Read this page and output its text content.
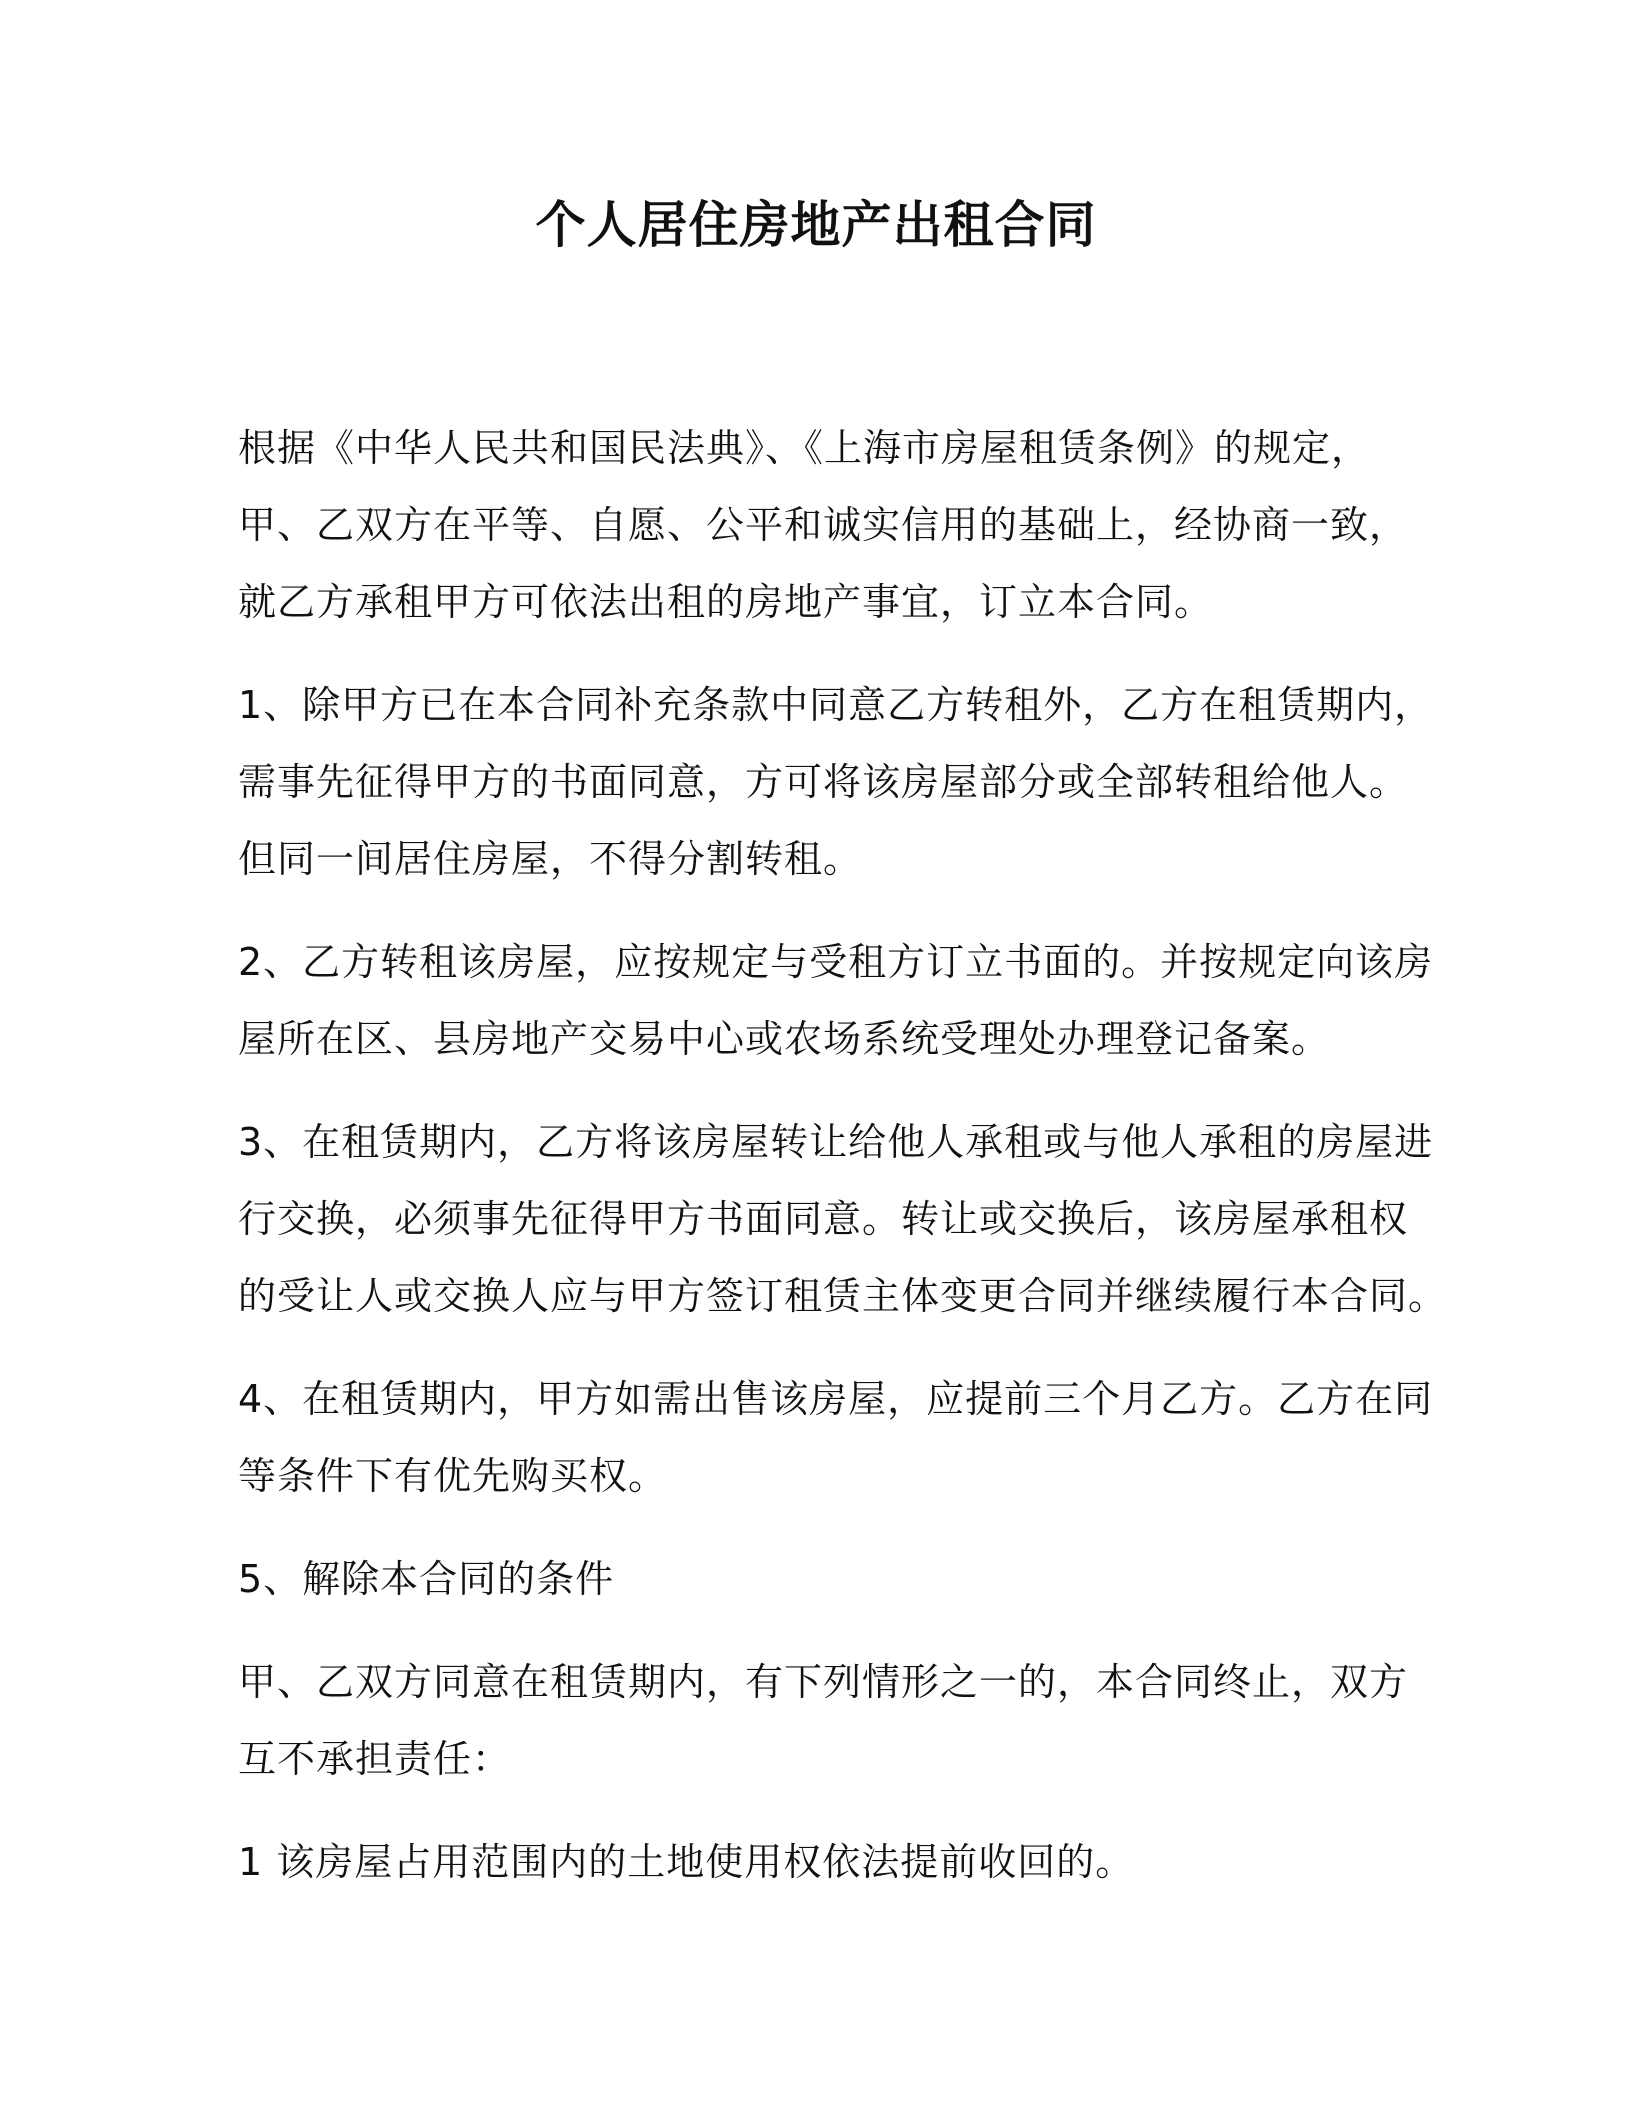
个人居住房地产出租合同

根据《中华人民共和国民法典》、《上海市房屋租赁条例》的规定，
甲、乙双方在平等、自愿、公平和诚实信用的基础上，经协商一致，
就乙方承租甲方可依法出租的房地产事宜，订立本合同。

1、除甲方已在本合同补充条款中同意乙方转租外，乙方在租赁期内，
需事先征得甲方的书面同意，方可将该房屋部分或全部转租给他人。
但同一间居住房屋，不得分割转租。

2、乙方转租该房屋，应按规定与受租方订立书面的。并按规定向该房
屋所在区、县房地产交易中心或农场系统受理处办理登记备案。

3、在租赁期内，乙方将该房屋转让给他人承租或与他人承租的房屋进
行交换，必须事先征得甲方书面同意。转让或交换后，该房屋承租权
的受让人或交换人应与甲方签订租赁主体变更合同并继续履行本合同。

4、在租赁期内，甲方如需出售该房屋，应提前三个月乙方。乙方在同
等条件下有优先购买权。

5、解除本合同的条件

甲、乙双方同意在租赁期内，有下列情形之一的，本合同终止，双方
互不承担责任：

1 该房屋占用范围内的土地使用权依法提前收回的。
